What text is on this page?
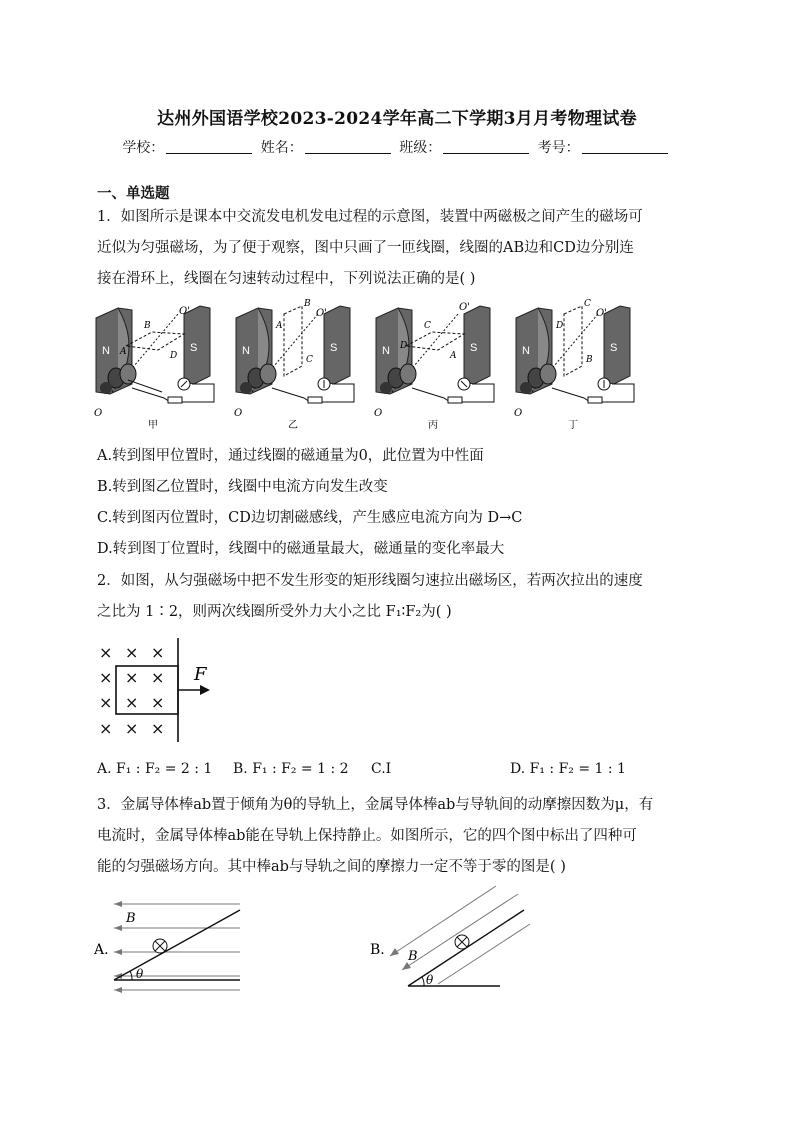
达州外国语学校2023-2024学年高二下学期3月月考物理试卷
学校：	姓名：	班级：	考号：
一、单选题
1．如图所示是课本中交流发电机发电过程的示意图，装置中两磁极之间产生的磁场可
近似为匀强磁场，为了便于观察，图中只画了一匝线圈，线圈的AB边和CD边分别连
接在滑环上，线圈在匀速转动过程中，下列说法正确的是( )
N	S
O'
B
A	D
O
甲
N	S
O'
B
A
C
O
乙
N	S
O'
C
D
A
O
丙
N	S
O'
C
D
B
O
丁
A.转到图甲位置时，通过线圈的磁通量为0，此位置为中性面
B.转到图乙位置时，线圈中电流方向发生改变
C.转到图丙位置时，CD边切割磁感线，产生感应电流方向为 D→C
D.转到图丁位置时，线圈中的磁通量最大，磁通量的变化率最大
2．如图，从匀强磁场中把不发生形变的矩形线圈匀速拉出磁场区，若两次拉出的速度
之比为 1∶2，则两次线圈所受外力大小之比 F₁∶F₂为( )
× × ×
× × ×
× × ×
× × ×
F
A. F₁ : F₂ = 2 : 1 B. F₁ : F₂ = 1 : 2 C.I	D. F₁ : F₂ = 1 : 1
3．金属导体棒ab置于倾角为θ的导轨上，金属导体棒ab与导轨间的动摩擦因数为μ，有
电流时，金属导体棒ab能在导轨上保持静止。如图所示，它的四个图中标出了四种可
能的匀强磁场方向。其中棒ab与导轨之间的摩擦力一定不等于零的图是( )
A.
θ
B
B.
θ
B
